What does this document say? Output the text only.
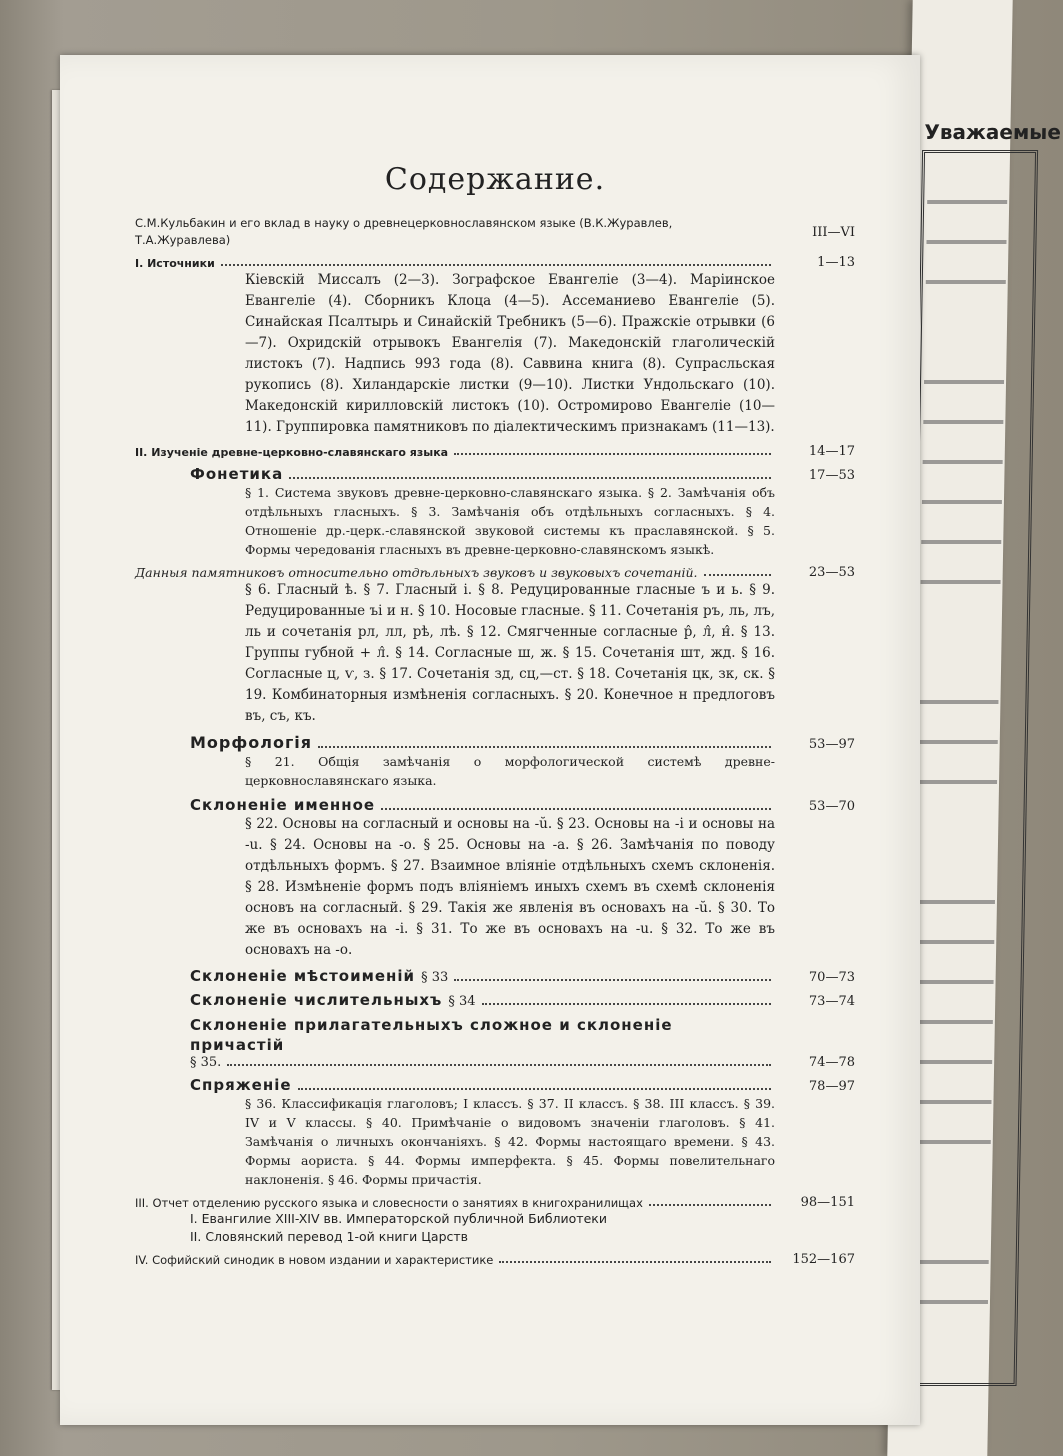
Уважаемые
Содержание.
С.М.Кульбакин и его вклад в науку о древнецерковнославянском языке (В.К.Журавлев, Т.А.Журавлева)	III—VI
I. Источники	1—13
Кіевскій Миссалъ (2—3). Зографское Евангеліе (3—4). Маріинское Евангеліе (4). Сборникъ Клоца (4—5). Ассеманиево Евангеліе (5). Синайская Псалтырь и Синайскій Требникъ (5—6). Пражскіе отрывки (6—7). Охридскій отрывокъ Евангелія (7). Македонскій глаголическій листокъ (7). Надпись 993 года (8). Саввина книга (8). Супрасльская рукопись (8). Хиландарскіе листки (9—10). Листки Ундольскаго (10). Македонскій кирилловскій листокъ (10). Остромирово Евангеліе (10—11). Группировка памятниковъ по діалектическимъ признакамъ (11—13).
II. Изученіе древне-церковно-славянскаго языка	14—17
Фонетика	17—53
§ 1. Система звуковъ древне-церковно-славянскаго языка. § 2. Замѣчанія объ отдѣльныхъ гласныхъ. § 3. Замѣчанія объ отдѣльныхъ согласныхъ. § 4. Отношеніе др.-церк.-славянской звуковой системы къ праславянской. § 5. Формы чередованія гласныхъ въ древне-церковно-славянскомъ языкѣ.
Данныя памятниковъ относительно отдѣльныхъ звуковъ и звуковыхъ сочетаній.	23—53
§ 6. Гласный ѣ. § 7. Гласный і. § 8. Редуцированные гласные ъ и ь. § 9. Редуцированные ъі и н. § 10. Носовые гласные. § 11. Сочетанія ръ, ль, лъ, ль и сочетанія рл, лл, рѣ, лѣ. § 12. Смягченные согласные р̂, л̂, н̂. § 13. Группы губной + л̂. § 14. Согласные ш, ж. § 15. Сочетанія шт, жд. § 16. Согласные ц, ѵ, з. § 17. Сочетанія зд, сц,—ст. § 18. Сочетанія цк, зк, ск. § 19. Комбинаторныя измѣненія согласныхъ. § 20. Конечное н предлоговъ въ, съ, къ.
Морфологія	53—97
§ 21. Общія замѣчанія о морфологической системѣ древне-церковнославянскаго языка.
Склоненіе именное	53—70
§ 22. Основы на согласный и основы на -ŭ. § 23. Основы на -і и основы на -u. § 24. Основы на -о. § 25. Основы на -а. § 26. Замѣчанія по поводу отдѣльныхъ формъ. § 27. Взаимное вліяніе отдѣльныхъ схемъ склоненія. § 28. Измѣненіе формъ подъ вліяніемъ иныхъ схемъ въ схемѣ склоненія основъ на согласный. § 29. Такія же явленія въ основахъ на -ŭ. § 30. То же въ основахъ на -і. § 31. То же въ основахъ на -u. § 32. То же въ основахъ на -о.
Склоненіе мѣстоименій § 33	70—73
Склоненіе числительныхъ § 34	73—74
Склоненіе прилагательныхъ сложное и склоненіе причастій
§ 35.	74—78
Спряженіе	78—97
§ 36. Классификація глаголовъ; I классъ. § 37. II классъ. § 38. III классъ. § 39. IV и V классы. § 40. Примѣчаніе о видовомъ значеніи глаголовъ. § 41. Замѣчанія о личныхъ окончаніяхъ. § 42. Формы настоящаго времени. § 43. Формы аориста. § 44. Формы имперфекта. § 45. Формы повелительнаго наклоненія. § 46. Формы причастія.
III. Отчет отделению русского языка и словесности о занятиях в книгохранилищах	98—151
I. Евангилие XIII-XIV вв. Императорской публичной Библиотеки
II. Словянский перевод 1-ой книги Царств
IV. Софийский синодик в новом издании и характеристике	152—167
